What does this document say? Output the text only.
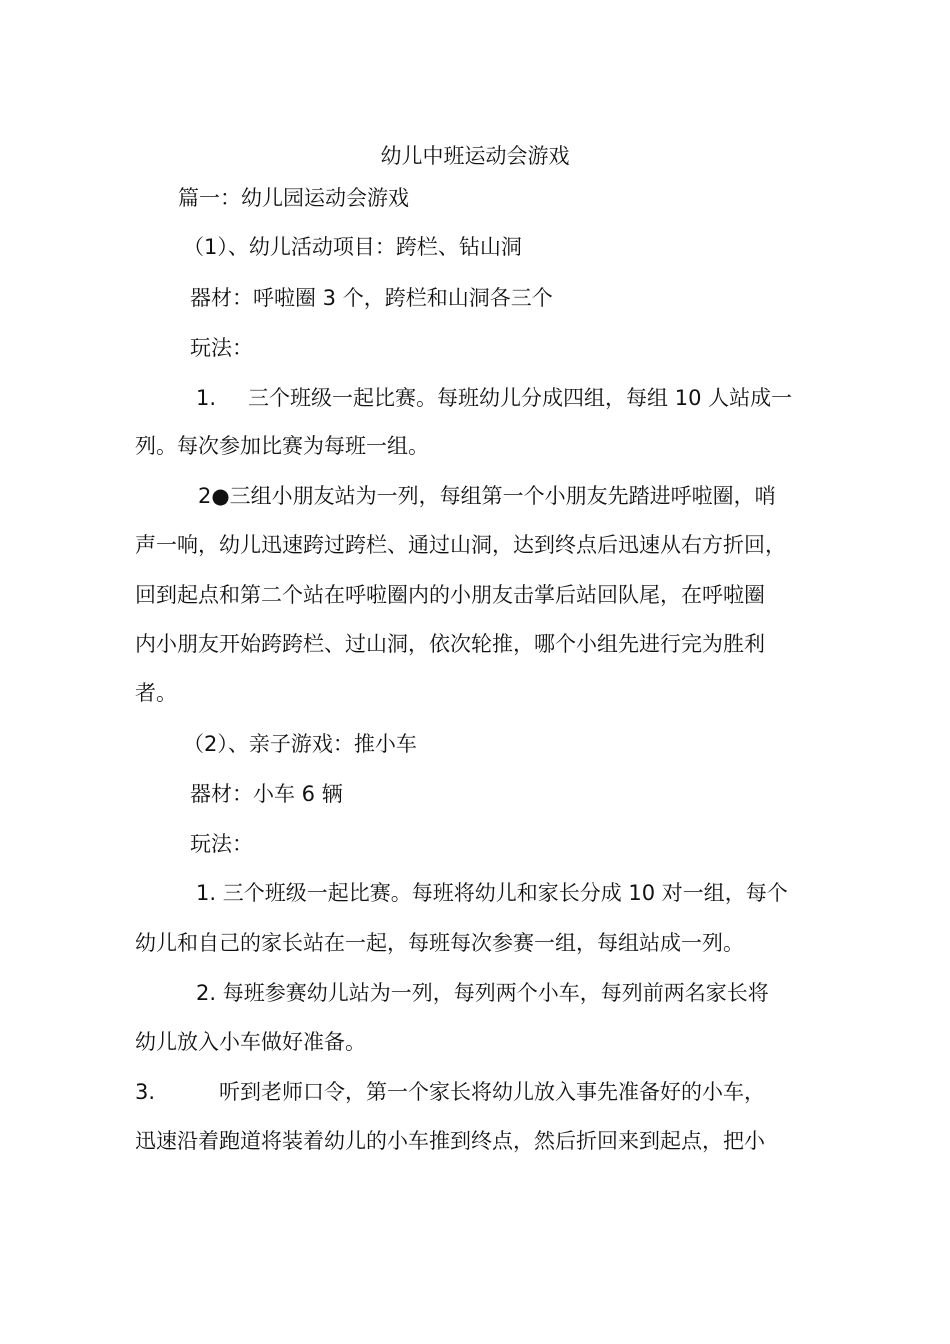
幼儿中班运动会游戏
篇一：幼儿园运动会游戏
（1）、幼儿活动项目：跨栏、钻山洞
器材：呼啦圈 3 个，跨栏和山洞各三个
玩法：
1. 三个班级一起比赛。每班幼儿分成四组，每组 10 人站成一
列。每次参加比赛为每班一组。
2●三组小朋友站为一列，每组第一个小朋友先踏进呼啦圈，哨
声一响，幼儿迅速跨过跨栏、通过山洞，达到终点后迅速从右方折回，
回到起点和第二个站在呼啦圈内的小朋友击掌后站回队尾，在呼啦圈
内小朋友开始跨跨栏、过山洞，依次轮推，哪个小组先进行完为胜利
者。
（2）、亲子游戏：推小车
器材：小车 6 辆
玩法：
1. 三个班级一起比赛。每班将幼儿和家长分成 10 对一组，每个
幼儿和自己的家长站在一起，每班每次参赛一组，每组站成一列。
2. 每班参赛幼儿站为一列，每列两个小车，每列前两名家长将
幼儿放入小车做好准备。
3.	听到老师口令，第一个家长将幼儿放入事先准备好的小车，
迅速沿着跑道将装着幼儿的小车推到终点，然后折回来到起点，把小
